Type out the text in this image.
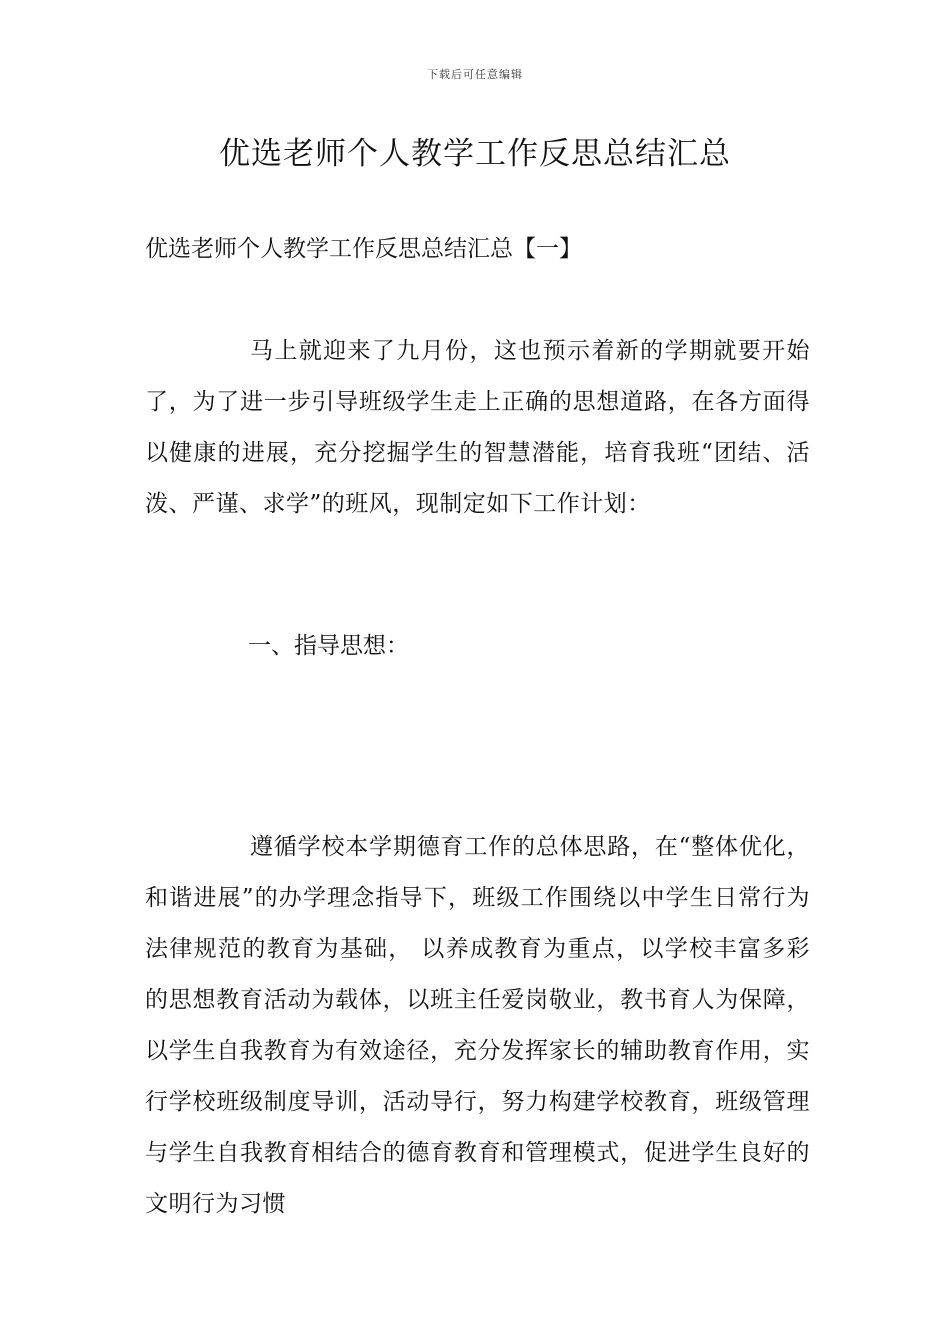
下载后可任意编辑
优选老师个人教学工作反思总结汇总

优选老师个人教学工作反思总结汇总【一】

马上就迎来了九月份，这也预示着新的学期就要开始了，为了进一步引导班级学生走上正确的思想道路，在各方面得以健康的进展，充分挖掘学生的智慧潜能，培育我班“团结、活泼、严谨、求学”的班风，现制定如下工作计划：

一、指导思想：

遵循学校本学期德育工作的总体思路，在“整体优化，和谐进展”的办学理念指导下，班级工作围绕以中学生日常行为法律规范的教育为基础， 以养成教育为重点，以学校丰富多彩的思想教育活动为载体，以班主任爱岗敬业，教书育人为保障，以学生自我教育为有效途径，充分发挥家长的辅助教育作用，实行学校班级制度导训，活动导行，努力构建学校教育，班级管理与学生自我教育相结合的德育教育和管理模式，促进学生良好的文明行为习惯
